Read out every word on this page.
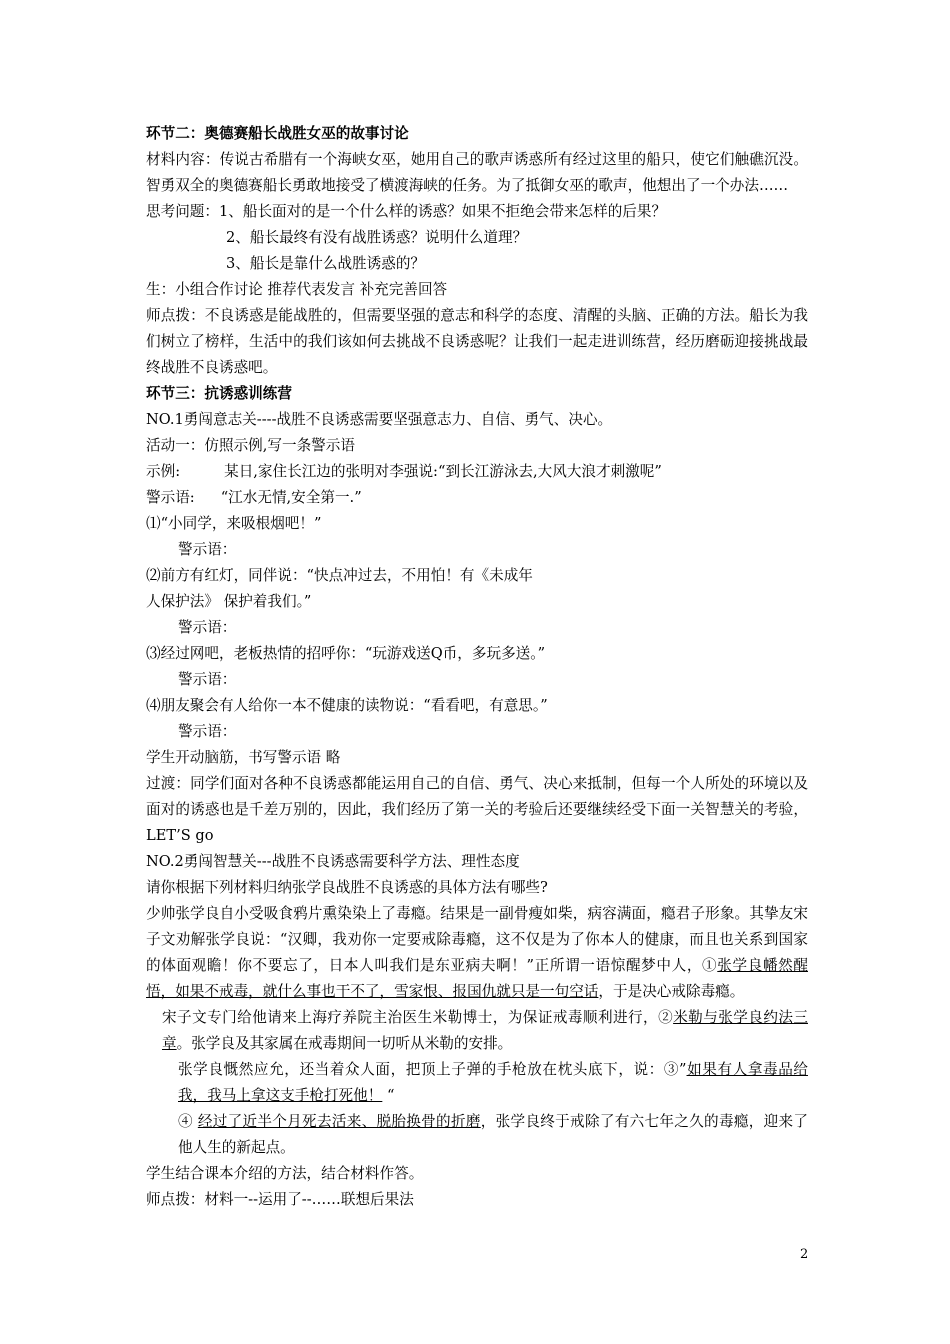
环节二：奥德赛船长战胜女巫的故事讨论

材料内容：传说古希腊有一个海峡女巫，她用自己的歌声诱惑所有经过这里的船只，使它们触礁沉没。智勇双全的奥德赛船长勇敢地接受了横渡海峡的任务。为了抵御女巫的歌声，他想出了一个办法……

思考问题：1、船长面对的是一个什么样的诱惑？如果不拒绝会带来怎样的后果？

2、船长最终有没有战胜诱惑？说明什么道理？

3、船长是靠什么战胜诱惑的？

生：小组合作讨论 推荐代表发言 补充完善回答

师点拨：不良诱惑是能战胜的，但需要坚强的意志和科学的态度、清醒的头脑、正确的方法。船长为我们树立了榜样，生活中的我们该如何去挑战不良诱惑呢？让我们一起走进训练营，经历磨砺迎接挑战最终战胜不良诱惑吧。

环节三：抗诱惑训练营

NO.1勇闯意志关----战胜不良诱惑需要坚强意志力、自信、勇气、决心。

活动一：仿照示例,写一条警示语

示例:	某日,家住长江边的张明对李强说:“到长江游泳去,大风大浪才刺激呢”

警示语: “江水无情,安全第一.”

⑴“小同学，来吸根烟吧！”

警示语：

⑵前方有红灯，同伴说：“快点冲过去，不用怕！有《未成年

人保护法》 保护着我们。”

警示语：

⑶经过网吧，老板热情的招呼你：“玩游戏送Q币，多玩多送。”

警示语：

⑷朋友聚会有人给你一本不健康的读物说：“看看吧，有意思。”

警示语：

学生开动脑筋，书写警示语 略

过渡：同学们面对各种不良诱惑都能运用自己的自信、勇气、决心来抵制，但每一个人所处的环境以及面对的诱惑也是千差万别的，因此，我们经历了第一关的考验后还要继续经受下面一关智慧关的考验，LET’S go

NO.2勇闯智慧关---战胜不良诱惑需要科学方法、理性态度

请你根据下列材料归纳张学良战胜不良诱惑的具体方法有哪些?

少帅张学良自小受吸食鸦片熏染染上了毒瘾。结果是一副骨瘦如柴，病容满面，瘾君子形象。其挚友宋子文劝解张学良说：“汉卿，我劝你一定要戒除毒瘾，这不仅是为了你本人的健康，而且也关系到国家的体面观瞻！你不要忘了，日本人叫我们是东亚病夫啊！”正所谓一语惊醒梦中人，①张学良幡然醒悟，如果不戒毒，就什么事也干不了，雪家恨、报国仇就只是一句空话，于是决心戒除毒瘾。

宋子文专门给他请来上海疗养院主治医生米勒博士，为保证戒毒顺利进行，②米勒与张学良约法三章。张学良及其家属在戒毒期间一切听从米勒的安排。

张学良慨然应允，还当着众人面，把顶上子弹的手枪放在枕头底下，说：③”如果有人拿毒品给我，我马上拿这支手枪打死他！ “

④ 经过了近半个月死去活来、脱胎换骨的折磨，张学良终于戒除了有六七年之久的毒瘾，迎来了他人生的新起点。

学生结合课本介绍的方法，结合材料作答。

师点拨：材料一--运用了--……联想后果法

2
